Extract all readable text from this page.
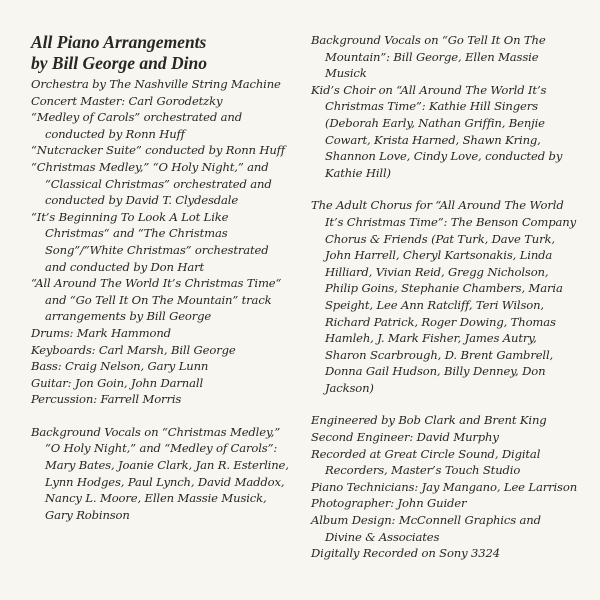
All Piano Arrangements
by Bill George and Dino
Orchestra by The Nashville String Machine
Concert Master: Carl Gorodetzky
“Medley of Carols” orchestrated and conducted by Ronn Huff
“Nutcracker Suite” conducted by Ronn Huff
“Christmas Medley,” “O Holy Night,” and “Classical Christmas” orchestrated and conducted by David T. Clydesdale
“It’s Beginning To Look A Lot Like Christmas“ and “The Christmas Song”/”White Christmas” orchestrated and conducted by Don Hart
“All Around The World It’s Christmas Time“ and “Go Tell It On The Mountain” track arrangements by Bill George
Drums: Mark Hammond
Keyboards: Carl Marsh, Bill George
Bass: Craig Nelson, Gary Lunn
Guitar: Jon Goin, John Darnall
Percussion: Farrell Morris
Background Vocals on “Christmas Medley,” “O Holy Night,” and “Medley of Carols”: Mary Bates, Joanie Clark, Jan R. Esterline, Lynn Hodges, Paul Lynch, David Maddox, Nancy L. Moore, Ellen Massie Musick, Gary Robinson
Background Vocals on “Go Tell It On The Mountain”: Bill George, Ellen Massie Musick
Kid’s Choir on “All Around The World It’s Christmas Time”: Kathie Hill Singers (Deborah Early, Nathan Griffin, Benjie Cowart, Krista Harned, Shawn Kring, Shannon Love, Cindy Love, conducted by Kathie Hill)
The Adult Chorus for “All Around The World It’s Christmas Time”: The Benson Company Chorus & Friends (Pat Turk, Dave Turk, John Harrell, Cheryl Kartsonakis, Linda Hilliard, Vivian Reid, Gregg Nicholson, Philip Goins, Stephanie Chambers, Maria Speight, Lee Ann Ratcliff, Teri Wilson, Richard Patrick, Roger Dowing, Thomas Hamleh, J. Mark Fisher, James Autry, Sharon Scarbrough, D. Brent Gambrell, Donna Gail Hudson, Billy Denney, Don Jackson)
Engineered by Bob Clark and Brent King
Second Engineer: David Murphy
Recorded at Great Circle Sound, Digital Recorders, Master’s Touch Studio
Piano Technicians: Jay Mangano, Lee Larrison
Photographer: John Guider
Album Design: McConnell Graphics and Divine & Associates
Digitally Recorded on Sony 3324
